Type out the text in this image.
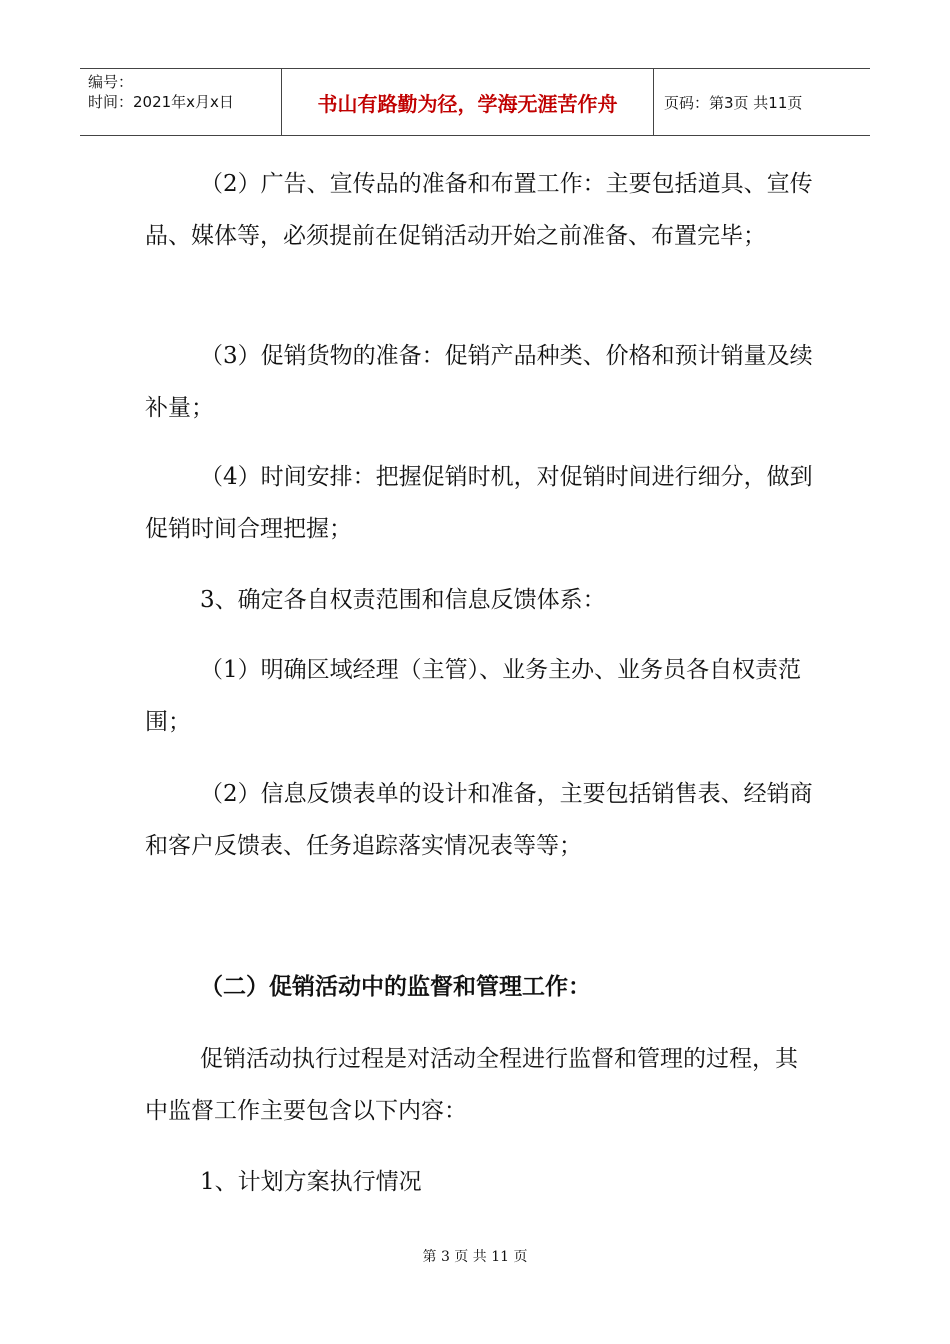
编号：
时间：2021年x月x日	书山有路勤为径，学海无涯苦作舟	页码：第3页 共11页
（2）广告、宣传品的准备和布置工作：主要包括道具、宣传品、媒体等，必须提前在促销活动开始之前准备、布置完毕；
（3）促销货物的准备：促销产品种类、价格和预计销量及续补量；
（4）时间安排：把握促销时机，对促销时间进行细分，做到促销时间合理把握；
3、确定各自权责范围和信息反馈体系：
（1）明确区域经理（主管）、业务主办、业务员各自权责范围；
（2）信息反馈表单的设计和准备，主要包括销售表、经销商和客户反馈表、任务追踪落实情况表等等；
（二）促销活动中的监督和管理工作：
促销活动执行过程是对活动全程进行监督和管理的过程，其中监督工作主要包含以下内容：
1、计划方案执行情况
第 3 页 共 11 页
